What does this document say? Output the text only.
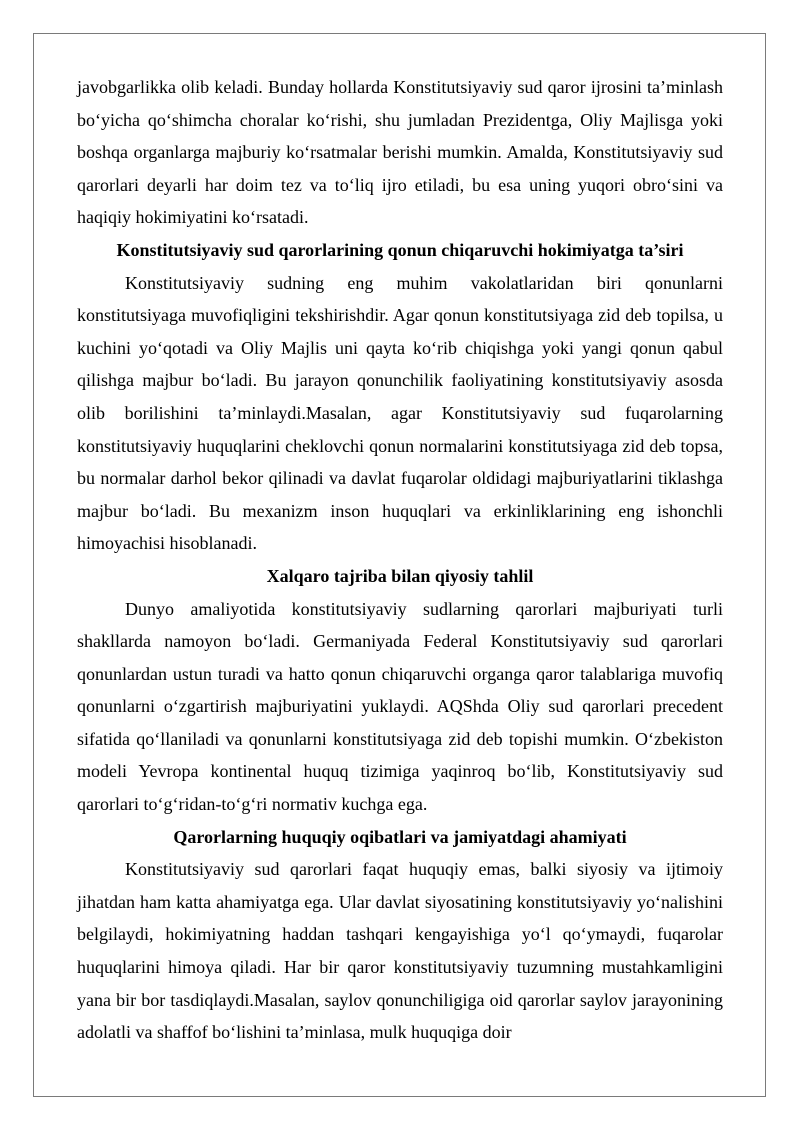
javobgarlikka olib keladi. Bunday hollarda Konstitutsiyaviy sud qaror ijrosini ta’minlash bo‘yicha qo‘shimcha choralar ko‘rishi, shu jumladan Prezidentga, Oliy Majlisga yoki boshqa organlarga majburiy ko‘rsatmalar berishi mumkin. Amalda, Konstitutsiyaviy sud qarorlari deyarli har doim tez va to‘liq ijro etiladi, bu esa uning yuqori obro‘sini va haqiqiy hokimiyatini ko‘rsatadi.

Konstitutsiyaviy sud qarorlarining qonun chiqaruvchi hokimiyatga ta’siri

Konstitutsiyaviy sudning eng muhim vakolatlaridan biri qonunlarni konstitutsiyaga muvofiqligini tekshirishdir. Agar qonun konstitutsiyaga zid deb topilsa, u kuchini yo‘qotadi va Oliy Majlis uni qayta ko‘rib chiqishga yoki yangi qonun qabul qilishga majbur bo‘ladi. Bu jarayon qonunchilik faoliyatining konstitutsiyaviy asosda olib borilishini ta’minlaydi.Masalan, agar Konstitutsiyaviy sud fuqarolarning konstitutsiyaviy huquqlarini cheklovchi qonun normalarini konstitutsiyaga zid deb topsa, bu normalar darhol bekor qilinadi va davlat fuqarolar oldidagi majburiyatlarini tiklashga majbur bo‘ladi. Bu mexanizm inson huquqlari va erkinliklarining eng ishonchli himoyachisi hisoblanadi.

Xalqaro tajriba bilan qiyosiy tahlil

Dunyo amaliyotida konstitutsiyaviy sudlarning qarorlari majburiyati turli shakllarda namoyon bo‘ladi. Germaniyada Federal Konstitutsiyaviy sud qarorlari qonunlardan ustun turadi va hatto qonun chiqaruvchi organga qaror talablariga muvofiq qonunlarni o‘zgartirish majburiyatini yuklaydi. AQShda Oliy sud qarorlari precedent sifatida qo‘llaniladi va qonunlarni konstitutsiyaga zid deb topishi mumkin. O‘zbekiston modeli Yevropa kontinental huquq tizimiga yaqinroq bo‘lib, Konstitutsiyaviy sud qarorlari to‘g‘ridan-to‘g‘ri normativ kuchga ega.

Qarorlarning huquqiy oqibatlari va jamiyatdagi ahamiyati

Konstitutsiyaviy sud qarorlari faqat huquqiy emas, balki siyosiy va ijtimoiy jihatdan ham katta ahamiyatga ega. Ular davlat siyosatining konstitutsiyaviy yo‘nalishini belgilaydi, hokimiyatning haddan tashqari kengayishiga yo‘l qo‘ymaydi, fuqarolar huquqlarini himoya qiladi. Har bir qaror konstitutsiyaviy tuzumning mustahkamligini yana bir bor tasdiqlaydi.Masalan, saylov qonunchiligiga oid qarorlar saylov jarayonining adolatli va shaffof bo‘lishini ta’minlasa, mulk huquqiga doir
